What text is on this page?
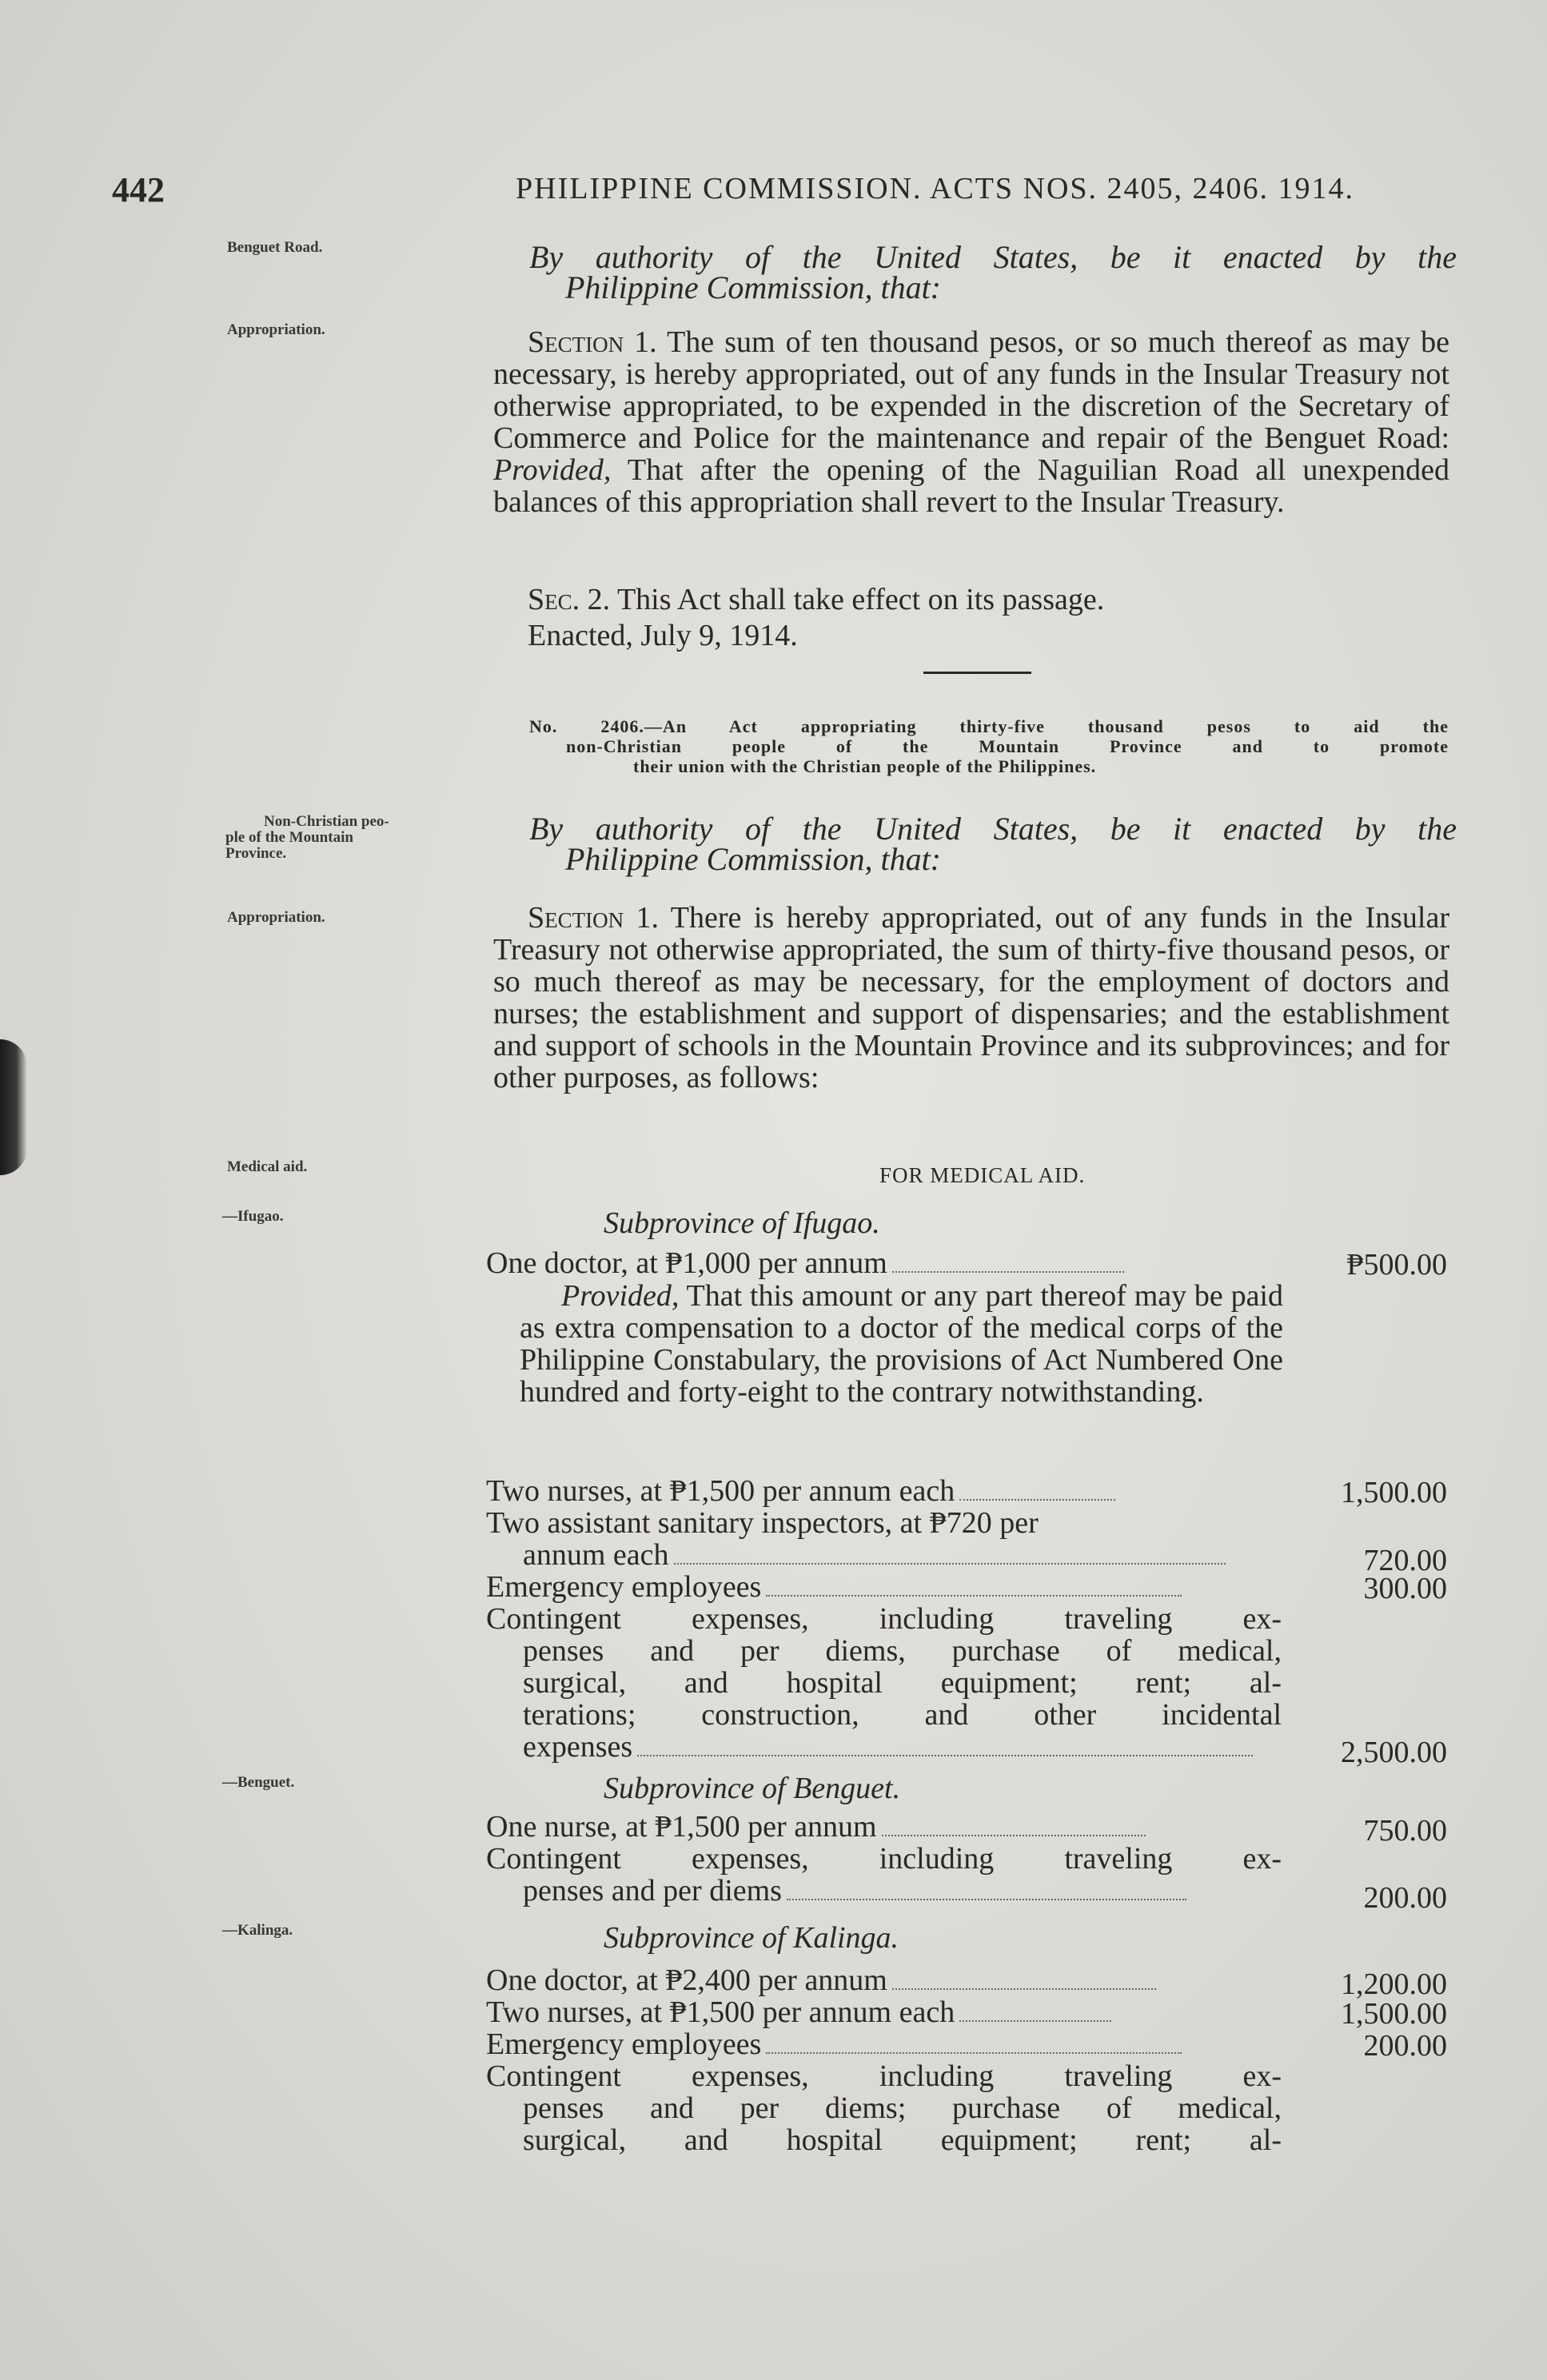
442	PHILIPPINE COMMISSION. ACTS NOS. 2405, 2406. 1914.
Benguet Road.
Appropriation.
Non-Christian peo-
ple of the Mountain
Province.
Appropriation.
Medical aid.
—Ifugao.
—Benguet.
—Kalinga.
By authority of the United States, be it enacted by the
Philippine Commission, that:
Section 1. The sum of ten thousand pesos, or so much thereof as may be necessary, is hereby appropriated, out of any funds in the Insular Treasury not otherwise appropriated, to be expended in the discretion of the Secretary of Commerce and Police for the maintenance and repair of the Benguet Road: Provided, That after the opening of the Naguilian Road all unexpended balances of this appropriation shall revert to the Insular Treasury.
Sec. 2. This Act shall take effect on its passage.
Enacted, July 9, 1914.
No. 2406.—An Act appropriating thirty-five thousand pesos to aid the
non-Christian people of the Mountain Province and to promote
their union with the Christian people of the Philippines.
By authority of the United States, be it enacted by the
Philippine Commission, that:
Section 1. There is hereby appropriated, out of any funds in the Insular Treasury not otherwise appropriated, the sum of thirty-five thousand pesos, or so much thereof as may be necessary, for the employment of doctors and nurses; the establishment and support of dispensaries; and the establishment and support of schools in the Mountain Province and its subprovinces; and for other purposes, as follows:
FOR MEDICAL AID.
Subprovince of Ifugao.
One doctor, at ₱1,000 per annum	₱500.00
Provided, That this amount or any part thereof may be paid as extra compensation to a doctor of the medical corps of the Philippine Constabulary, the provisions of Act Numbered One hundred and forty-eight to the contrary notwithstanding.
Two nurses, at ₱1,500 per annum each	1,500.00
Two assistant sanitary inspectors, at ₱720 per
annum each	720.00
Emergency employees	300.00
Contingent expenses, including traveling ex-
penses and per diems, purchase of medical,
surgical, and hospital equipment; rent; al-
terations; construction, and other incidental
expenses	2,500.00
Subprovince of Benguet.
One nurse, at ₱1,500 per annum	750.00
Contingent expenses, including traveling ex-
penses and per diems	200.00
Subprovince of Kalinga.
One doctor, at ₱2,400 per annum	1,200.00
Two nurses, at ₱1,500 per annum each	1,500.00
Emergency employees	200.00
Contingent expenses, including traveling ex-
penses and per diems; purchase of medical,
surgical, and hospital equipment; rent; al-
